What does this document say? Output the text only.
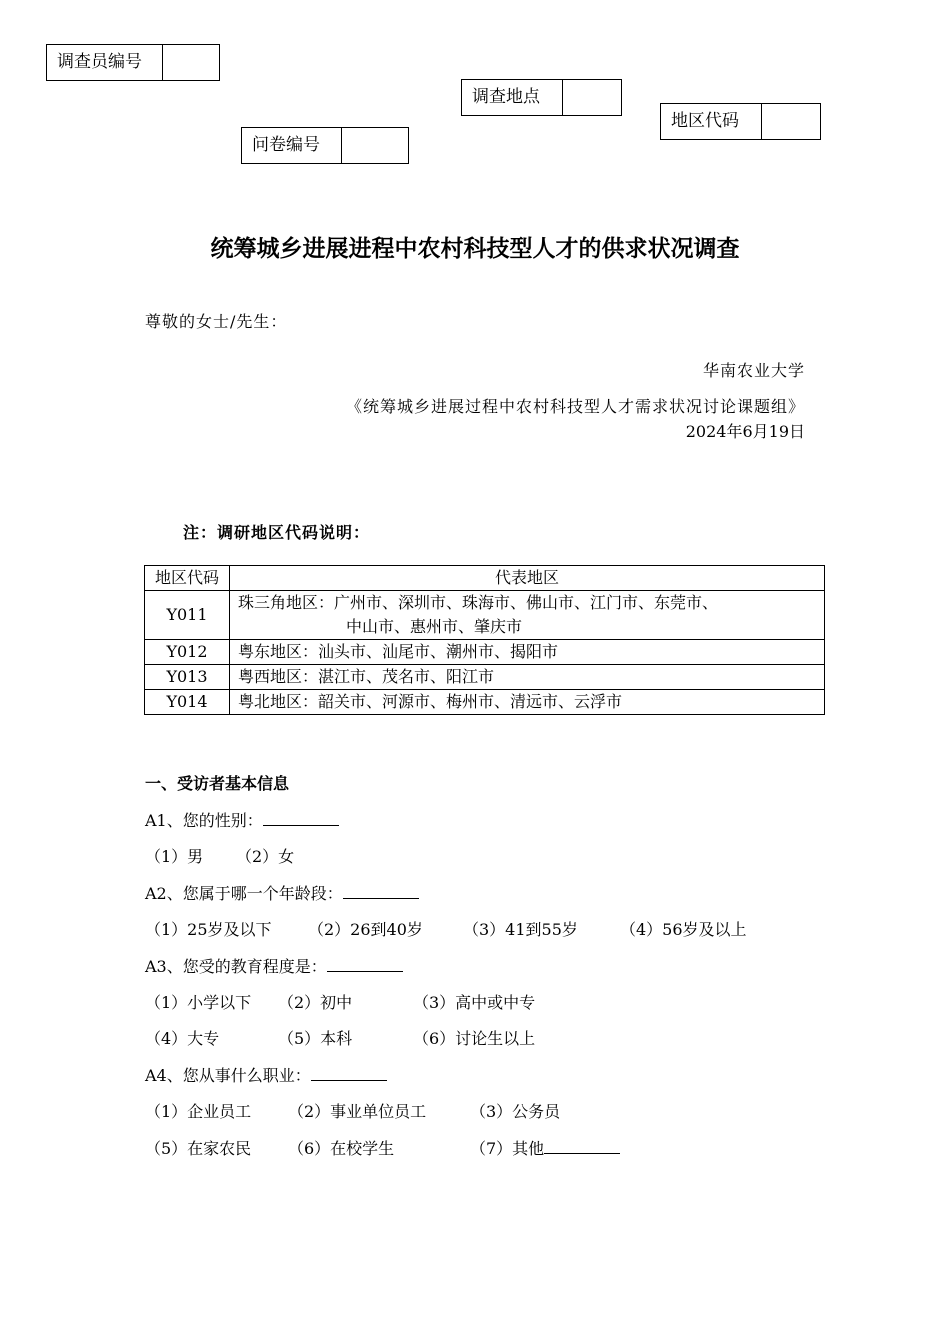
调查员编号
调查地点
地区代码
问卷编号
统筹城乡进展进程中农村科技型人才的供求状况调查
尊敬的女士/先生：
华南农业大学
《统筹城乡进展过程中农村科技型人才需求状况讨论课题组》
2024年6月19日
注：调研地区代码说明：
地区代码	代表地区
Y011	珠三角地区：广州市、深圳市、珠海市、佛山市、江门市、东莞市、
中山市、惠州市、肇庆市

Y012	粤东地区：汕头市、汕尾市、潮州市、揭阳市
Y013	粤西地区：湛江市、茂名市、阳江市
Y014	粤北地区：韶关市、河源市、梅州市、清远市、云浮市
一、受访者基本信息
A1、您的性别：
（1）男 （2）女
A2、您属于哪一个年龄段：
（1）25岁及以下 （2）26到40岁	（3）41到55岁	（4）56岁及以上
A3、您受的教育程度是：
（1）小学以下 （2）初中	（3）高中或中专
（4）大专	（5）本科	（6）讨论生以上
A4、您从事什么职业：
（1）企业员工 （2）事业单位员工	（3）公务员
（5）在家农民 （6）在校学生	（7）其他
